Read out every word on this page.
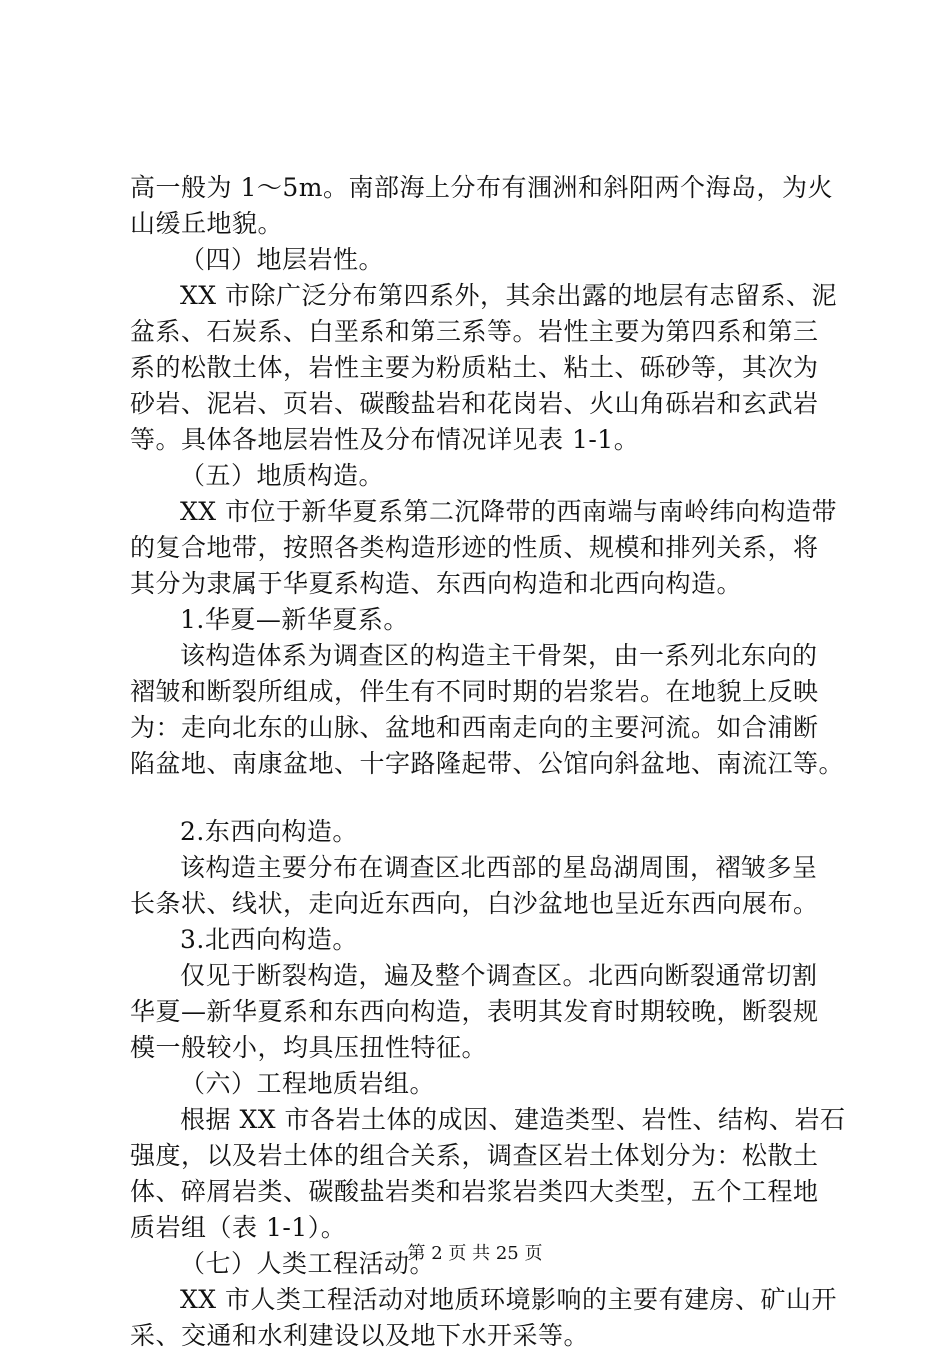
高一般为 1～5m。南部海上分布有涠洲和斜阳两个海岛，为火
山缓丘地貌。
（四）地层岩性。
XX 市除广泛分布第四系外，其余出露的地层有志留系、泥
盆系、石炭系、白垩系和第三系等。岩性主要为第四系和第三
系的松散土体，岩性主要为粉质粘土、粘土、砾砂等，其次为
砂岩、泥岩、页岩、碳酸盐岩和花岗岩、火山角砾岩和玄武岩
等。具体各地层岩性及分布情况详见表 1-1。
（五）地质构造。
XX 市位于新华夏系第二沉降带的西南端与南岭纬向构造带
的复合地带，按照各类构造形迹的性质、规模和排列关系，将
其分为隶属于华夏系构造、东西向构造和北西向构造。
1.华夏—新华夏系。
该构造体系为调查区的构造主干骨架，由一系列北东向的
褶皱和断裂所组成，伴生有不同时期的岩浆岩。在地貌上反映
为：走向北东的山脉、盆地和西南走向的主要河流。如合浦断
陷盆地、南康盆地、十字路隆起带、公馆向斜盆地、南流江等。
2.东西向构造。
该构造主要分布在调查区北西部的星岛湖周围，褶皱多呈
长条状、线状，走向近东西向，白沙盆地也呈近东西向展布。
3.北西向构造。
仅见于断裂构造，遍及整个调查区。北西向断裂通常切割
华夏—新华夏系和东西向构造，表明其发育时期较晚，断裂规
模一般较小，均具压扭性特征。
（六）工程地质岩组。
根据 XX 市各岩土体的成因、建造类型、岩性、结构、岩石
强度，以及岩土体的组合关系，调查区岩土体划分为：松散土
体、碎屑岩类、碳酸盐岩类和岩浆岩类四大类型，五个工程地
质岩组（表 1-1）。
（七）人类工程活动。
XX 市人类工程活动对地质环境影响的主要有建房、矿山开
采、交通和水利建设以及地下水开采等。
第 2 页 共 25 页
